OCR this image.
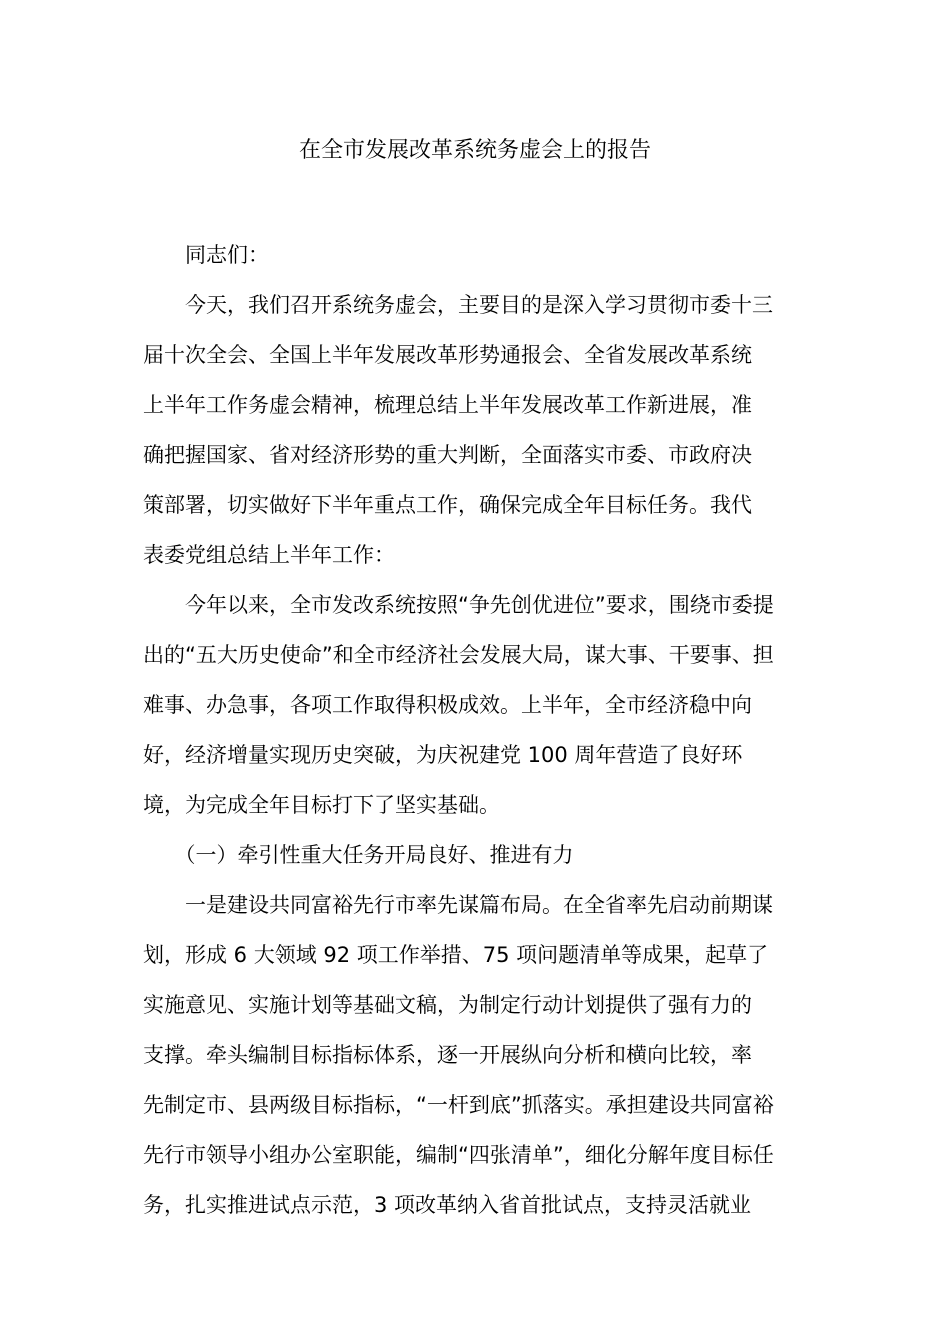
在全市发展改革系统务虚会上的报告

同志们：

今天，我们召开系统务虚会，主要目的是深入学习贯彻市委十三
届十次全会、全国上半年发展改革形势通报会、全省发展改革系统
上半年工作务虚会精神，梳理总结上半年发展改革工作新进展，准
确把握国家、省对经济形势的重大判断，全面落实市委、市政府决
策部署，切实做好下半年重点工作，确保完成全年目标任务。我代
表委党组总结上半年工作：

今年以来，全市发改系统按照“争先创优进位”要求，围绕市委提
出的“五大历史使命”和全市经济社会发展大局，谋大事、干要事、担
难事、办急事，各项工作取得积极成效。上半年，全市经济稳中向
好，经济增量实现历史突破，为庆祝建党 100 周年营造了良好环
境，为完成全年目标打下了坚实基础。

（一）牵引性重大任务开局良好、推进有力

一是建设共同富裕先行市率先谋篇布局。在全省率先启动前期谋
划，形成 6 大领域 92 项工作举措、75 项问题清单等成果，起草了
实施意见、实施计划等基础文稿，为制定行动计划提供了强有力的
支撑。牵头编制目标指标体系，逐一开展纵向分析和横向比较，率
先制定市、县两级目标指标，“一杆到底”抓落实。承担建设共同富裕
先行市领导小组办公室职能，编制“四张清单”，细化分解年度目标任
务，扎实推进试点示范，3 项改革纳入省首批试点，支持灵活就业
